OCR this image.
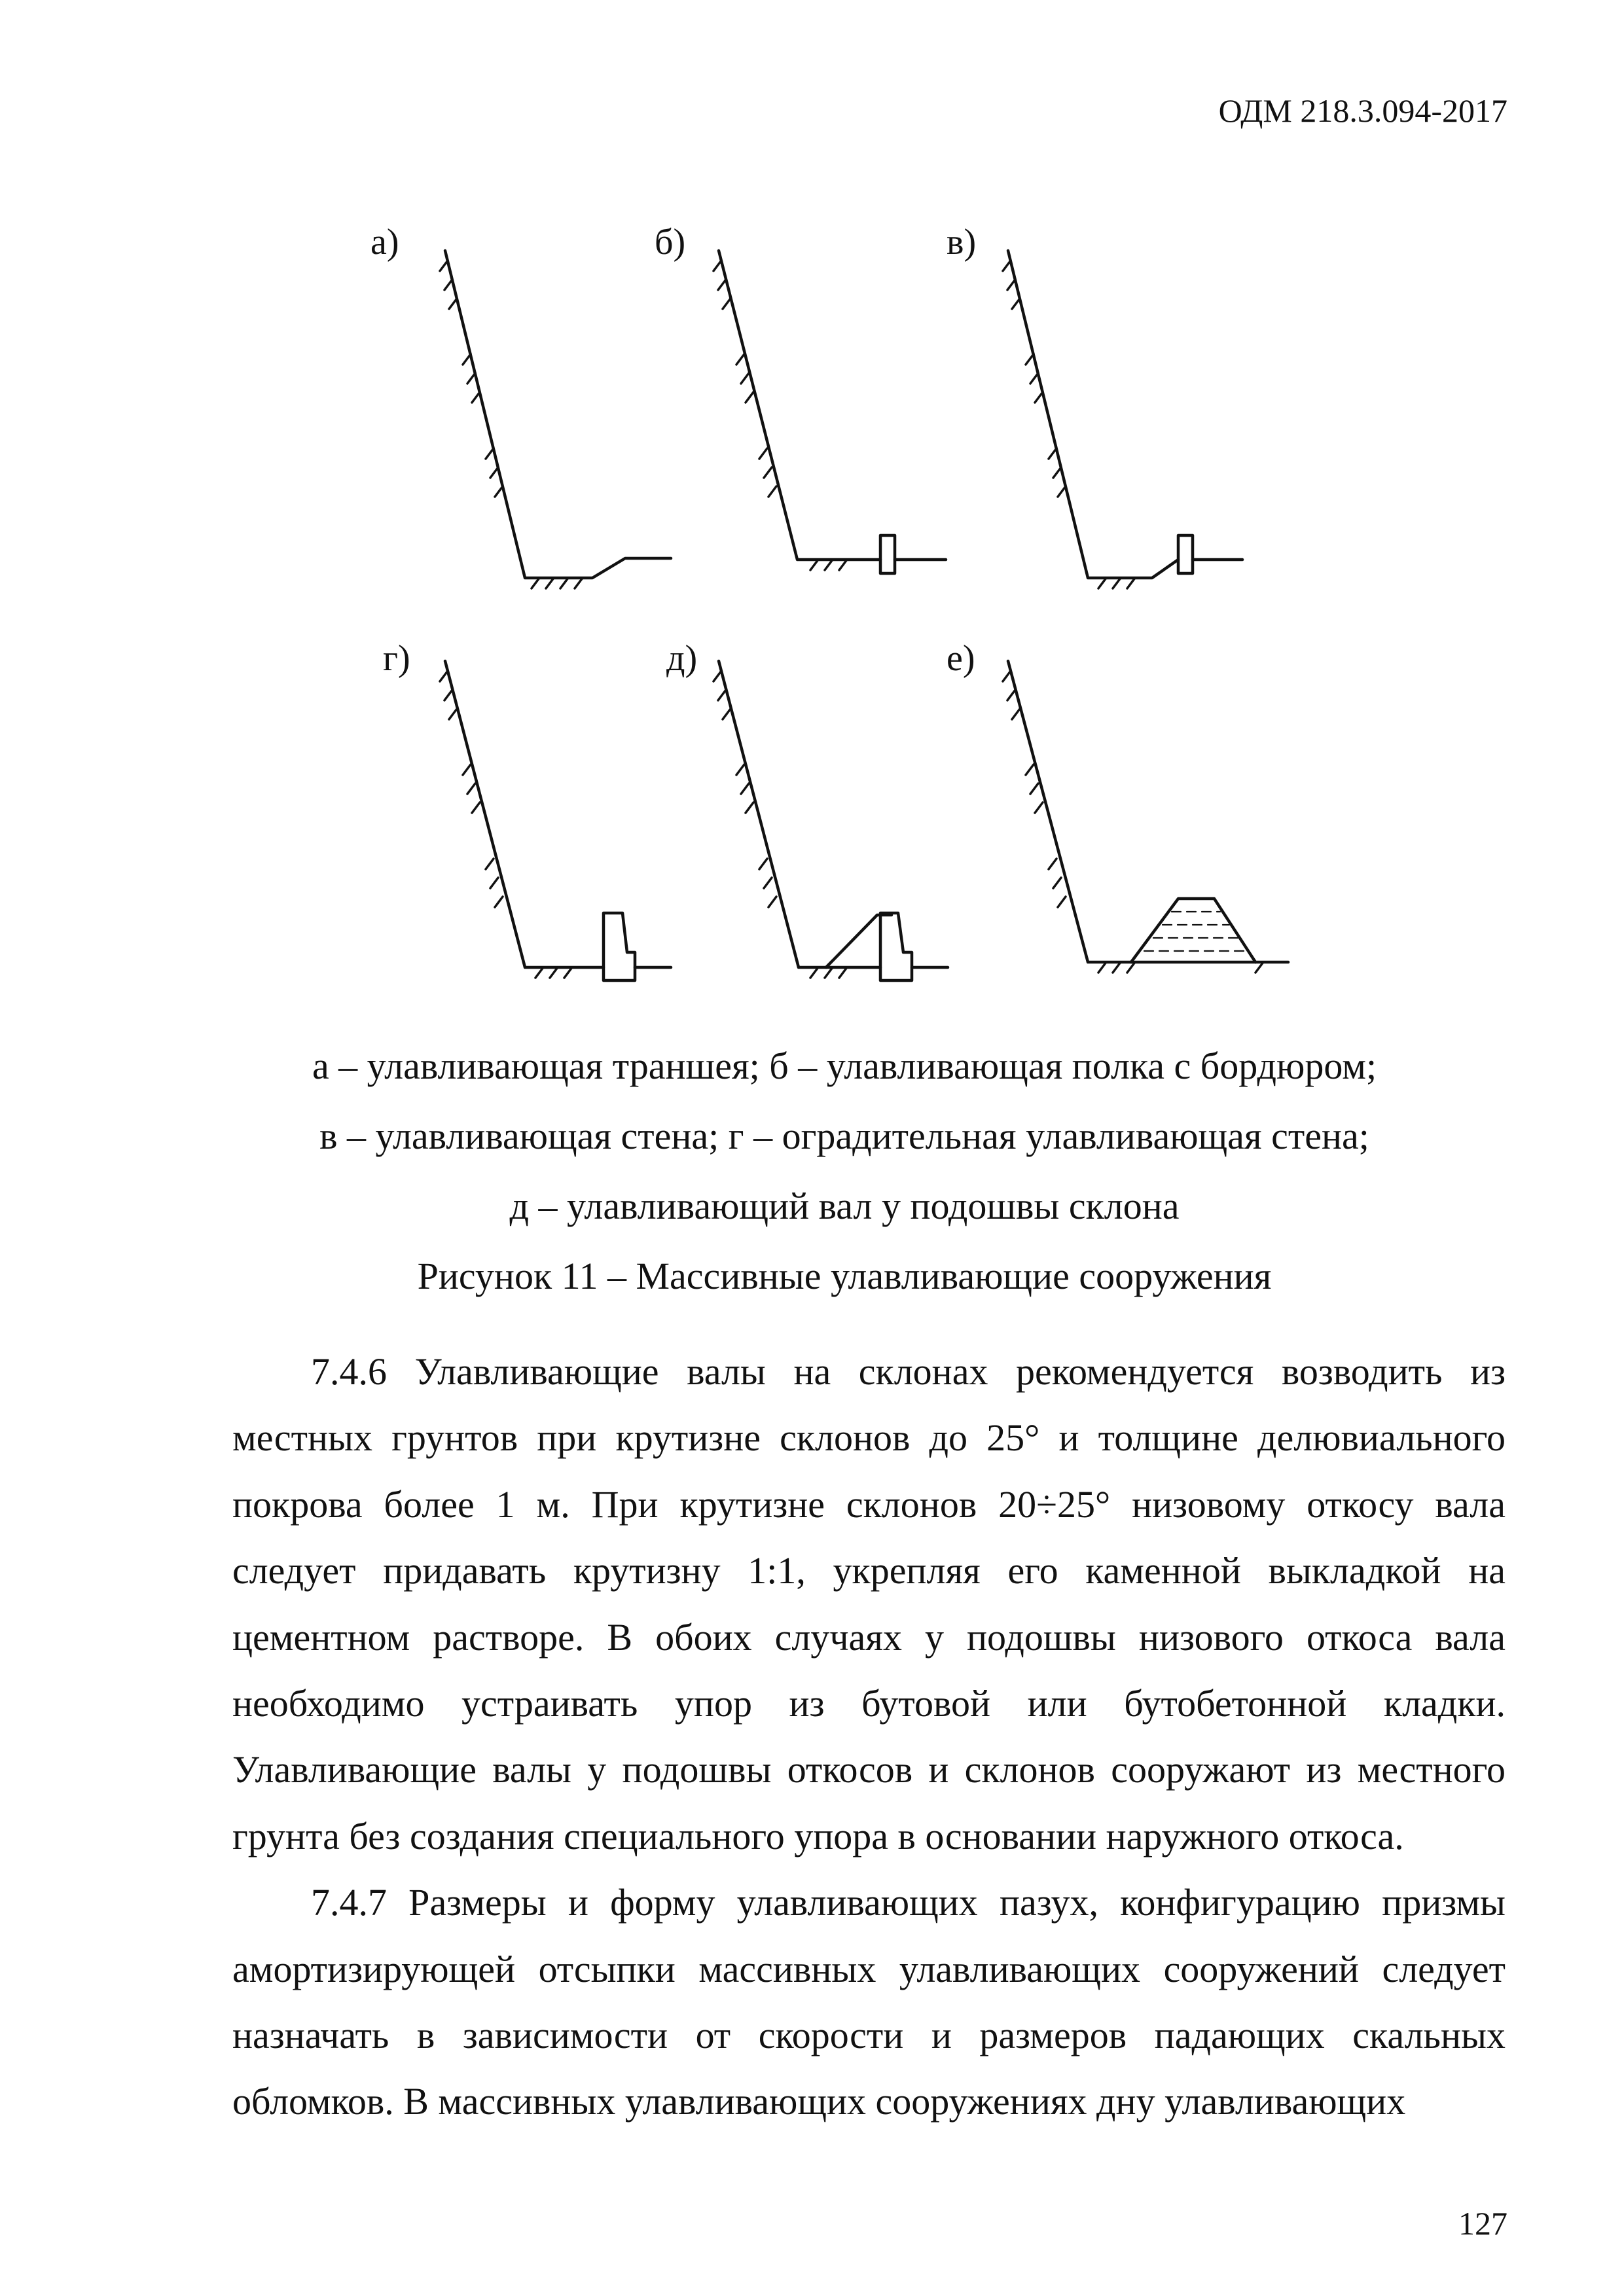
ОДМ 218.3.094-2017
а)	б)	в)
г)	д)	е)
а – улавливающая траншея; б – улавливающая полка с бордюром;
в – улавливающая стена; г – оградительная улавливающая стена;
д – улавливающий вал у подошвы склона
Рисунок 11 – Массивные улавливающие сооружения

7.4.6 Улавливающие валы на склонах рекомендуется возводить из местных грунтов при крутизне склонов до 25° и толщине делювиального покрова более 1 м. При крутизне склонов 20÷25° низовому откосу вала следует придавать крутизну 1:1, укрепляя его каменной выкладкой на цементном растворе. В обоих случаях у подошвы низового откоса вала необходимо устраивать упор из бутовой или бутобетонной кладки. Улавливающие валы у подошвы откосов и склонов сооружают из местного грунта без создания специального упора в основании наружного откоса.

7.4.7 Размеры и форму улавливающих пазух, конфигурацию призмы амортизирующей отсыпки массивных улавливающих сооружений следует назначать в зависимости от скорости и размеров падающих скальных обломков. В массивных улавливающих сооружениях дну улавливающих

127
